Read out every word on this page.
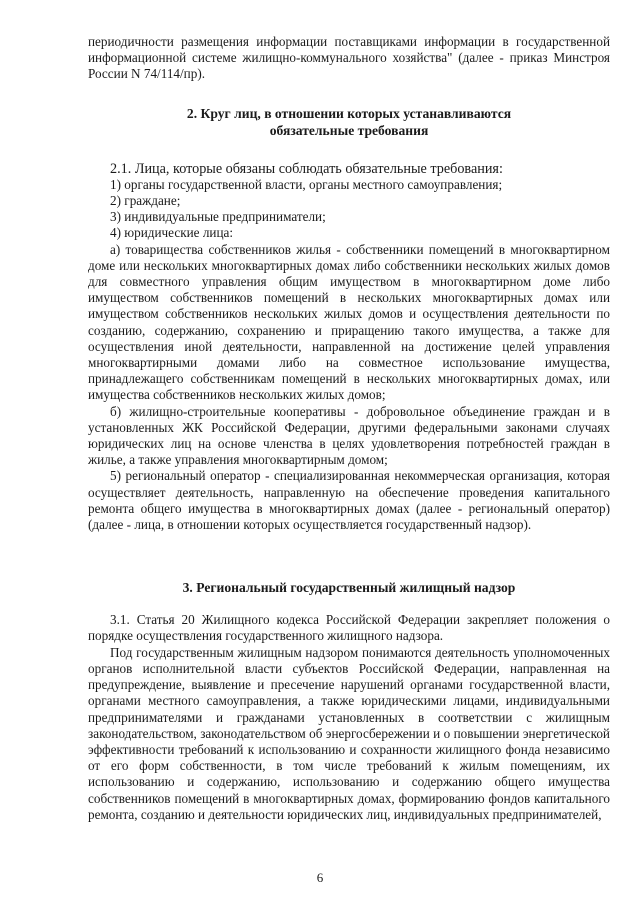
периодичности размещения информации поставщиками информации в государственной информационной системе жилищно-коммунального хозяйства" (далее - приказ Минстроя России N 74/114/пр).

2. Круг лиц, в отношении которых устанавливаются
обязательные требования

2.1. Лица, которые обязаны соблюдать обязательные требования:

1) органы государственной власти, органы местного самоуправления;

2) граждане;

3) индивидуальные предприниматели;

4) юридические лица:

а) товарищества собственников жилья - собственники помещений в многоквартирном доме или нескольких многоквартирных домах либо собственники нескольких жилых домов для совместного управления общим имуществом в многоквартирном доме либо имуществом собственников помещений в нескольких многоквартирных домах или имуществом собственников нескольких жилых домов и осуществления деятельности по созданию, содержанию, сохранению и приращению такого имущества, а также для осуществления иной деятельности, направленной на достижение целей управления многоквартирными домами либо на совместное использование имущества, принадлежащего собственникам помещений в нескольких многоквартирных домах, или имущества собственников нескольких жилых домов;

б) жилищно-строительные кооперативы - добровольное объединение граждан и в установленных ЖК Российской Федерации, другими федеральными законами случаях юридических лиц на основе членства в целях удовлетворения потребностей граждан в жилье, а также управления многоквартирным домом;

5) региональный оператор - специализированная некоммерческая организация, которая осуществляет деятельность, направленную на обеспечение проведения капитального ремонта общего имущества в многоквартирных домах (далее - региональный оператор) (далее - лица, в отношении которых осуществляется государственный надзор).

3. Региональный государственный жилищный надзор

3.1. Статья 20 Жилищного кодекса Российской Федерации закрепляет положения о порядке осуществления государственного жилищного надзора.

Под государственным жилищным надзором понимаются деятельность уполномоченных органов исполнительной власти субъектов Российской Федерации, направленная на предупреждение, выявление и пресечение нарушений органами государственной власти, органами местного самоуправления, а также юридическими лицами, индивидуальными предпринимателями и гражданами установленных в соответствии с жилищным законодательством, законодательством об энергосбережении и о повышении энергетической эффективности требований к использованию и сохранности жилищного фонда независимо от его форм собственности, в том числе требований к жилым помещениям, их использованию и содержанию, использованию и содержанию общего имущества собственников помещений в многоквартирных домах, формированию фондов капитального ремонта, созданию и деятельности юридических лиц, индивидуальных предпринимателей,

6
